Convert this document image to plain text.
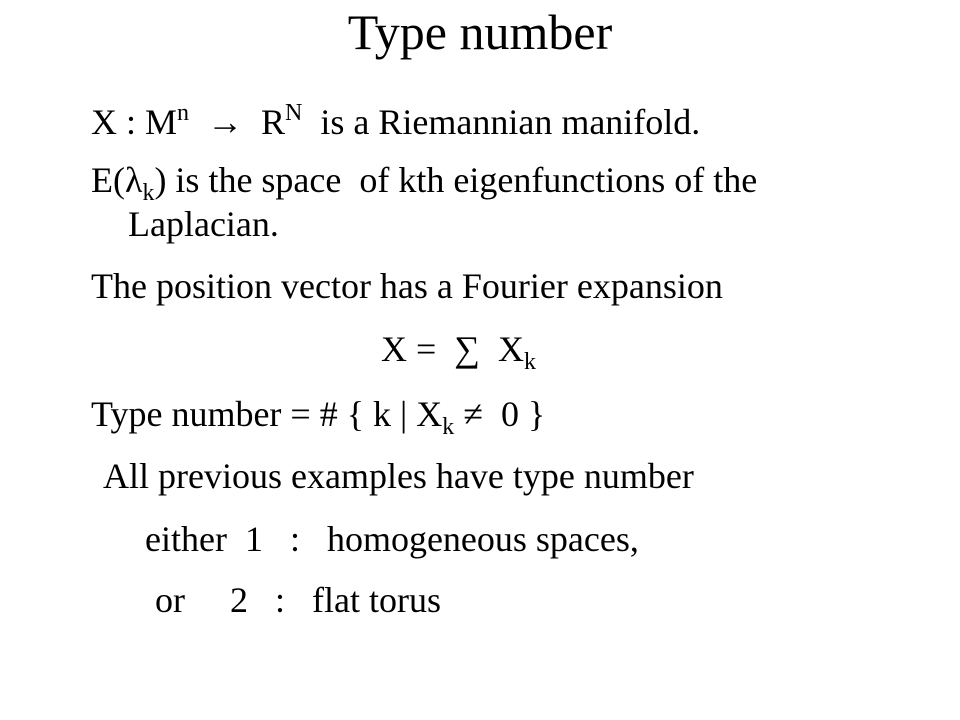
Type number
X : $M^n \to R^N$  is a Riemannian manifold.
$E(\lambda_k)$ is the space  of kth eigenfunctions of the
Laplacian.
The position vector has a Fourier expansion
X =  ∑  $X_k$
Type number = # { k | $X_k \ne 0$ }
All previous examples have type number
either  1   :   homogeneous spaces,
or     2   :   flat torus
